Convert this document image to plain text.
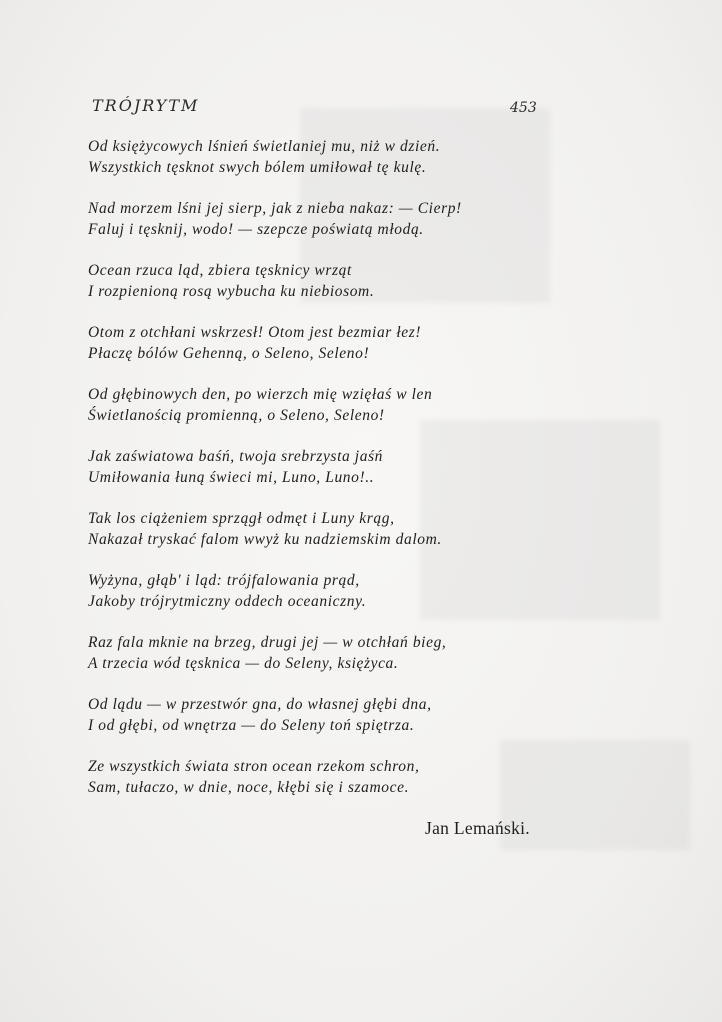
TRÓJRYTM	453
Od księżycowych lśnień świetlaniej mu, niż w dzień.
Wszystkich tęsknot swych bólem umiłował tę kulę.
Nad morzem lśni jej sierp, jak z nieba nakaz: — Cierp!
Faluj i tęsknij, wodo! — szepcze poświatą młodą.
Ocean rzuca ląd, zbiera tęsknicy wrząt
I rozpienioną rosą wybucha ku niebiosom.
Otom z otchłani wskrzesł! Otom jest bezmiar łez!
Płaczę bólów Gehenną, o Seleno, Seleno!
Od głębinowych den, po wierzch mię wzięłaś w len
Świetlanością promienną, o Seleno, Seleno!
Jak zaświatowa baśń, twoja srebrzysta jaśń
Umiłowania łuną świeci mi, Luno, Luno!..
Tak los ciążeniem sprzągł odmęt i Luny krąg,
Nakazał tryskać falom wwyż ku nadziemskim dalom.
Wyżyna, głąb' i ląd: trójfalowania prąd,
Jakoby trójrytmiczny oddech oceaniczny.
Raz fala mknie na brzeg, drugi jej — w otchłań bieg,
A trzecia wód tęsknica — do Seleny, księżyca.
Od lądu — w przestwór gna, do własnej głębi dna,
I od głębi, od wnętrza — do Seleny toń spiętrza.
Ze wszystkich świata stron ocean rzekom schron,
Sam, tułaczo, w dnie, noce, kłębi się i szamoce.
Jan Lemański.
